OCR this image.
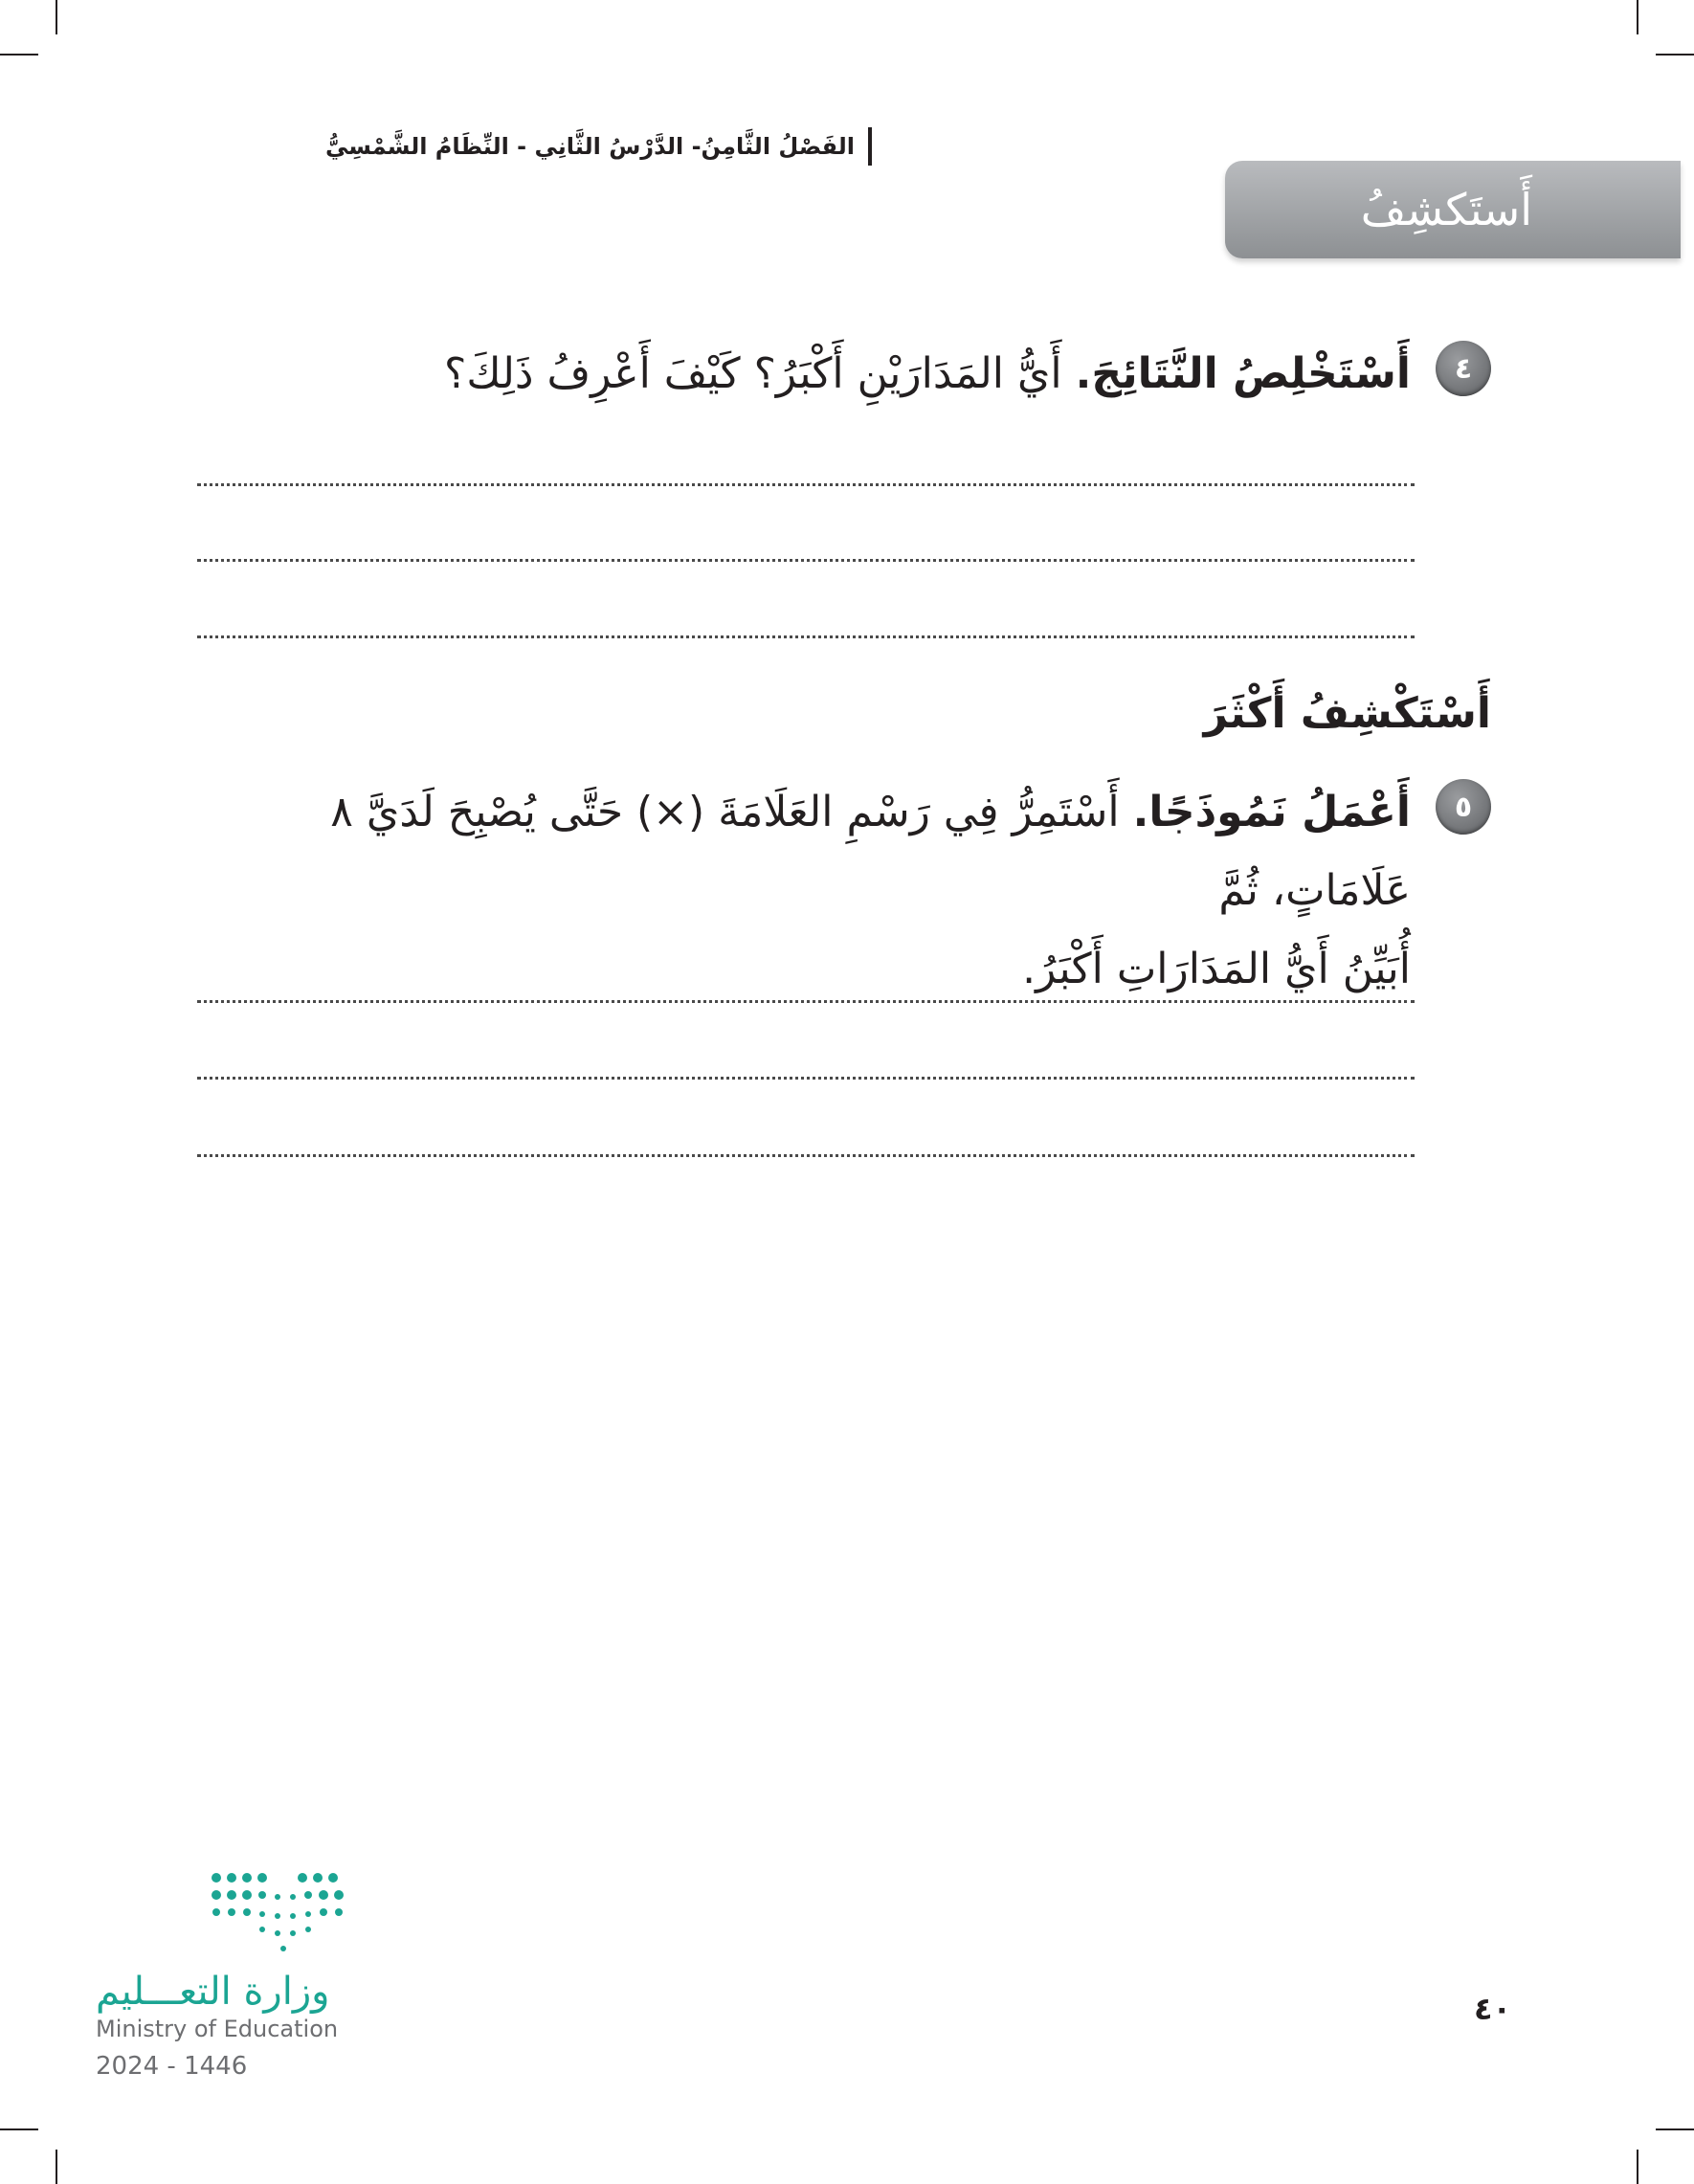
الفَصْلُ الثَّامِنُ- الدَّرْسُ الثَّانِي - النِّظَامُ الشَّمْسِيُّ
أَستَكشِفُ
٤
أَسْتَخْلِصُ النَّتَائِجَ. أَيُّ المَدَارَيْنِ أَكْبَرُ؟ كَيْفَ أَعْرِفُ ذَلِكَ؟
أَسْتَكْشِفُ أَكْثَرَ
٥
أَعْمَلُ نَمُوذَجًا. أَسْتَمِرُّ فِي رَسْمِ العَلَامَةَ (×) حَتَّى يُصْبِحَ لَدَيَّ ٨ عَلَامَاتٍ، ثُمَّ
أُبَيِّنُ أَيُّ المَدَارَاتِ أَكْبَرُ.
٤٠
وزارة التعـــليم
Ministry of Education
2024 - 1446
